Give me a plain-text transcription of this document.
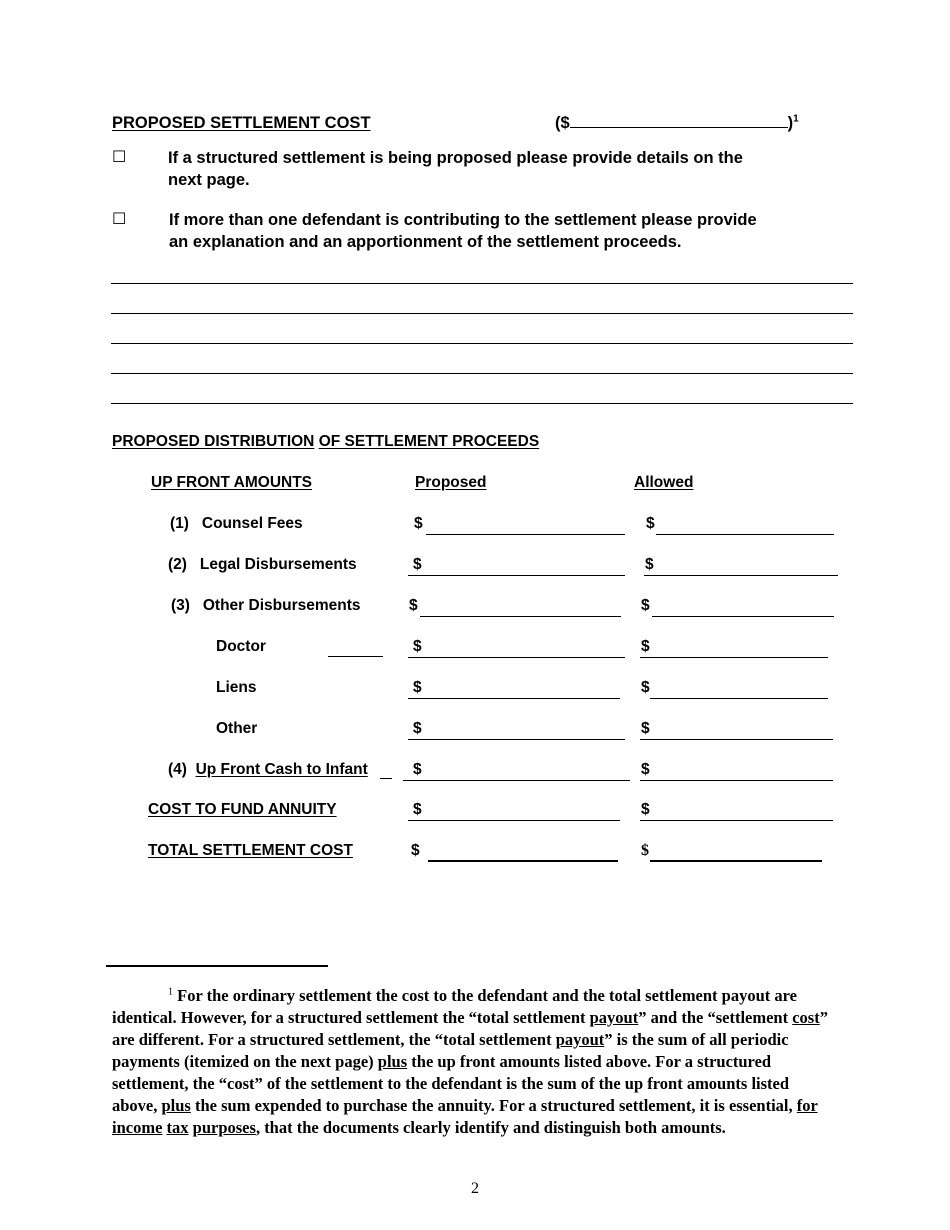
PROPOSED SETTLEMENT COST	($	)$^1$
☐	If a structured settlement is being proposed please provide details on the
next page.
☐	If more than one defendant is contributing to the settlement please provide
an explanation and an apportionment of the settlement proceeds.
PROPOSED DISTRIBUTION OF SETTLEMENT PROCEEDS
UP FRONT AMOUNTS	Proposed	Allowed
(1) Counsel Fees	$	$
(2) Legal Disbursements	$	$
(3) Other Disbursements	$	$
Doctor	$	$
Liens	$	$
Other	$	$
(4) Up Front Cash to Infant	$	$
COST TO FUND ANNUITY	$	$
TOTAL SETTLEMENT COST	$	$
$^1$ For the ordinary settlement the cost to the defendant and the total settlement payout are identical. However, for a structured settlement the “total settlement payout” and the “settlement cost” are different. For a structured settlement, the “total settlement payout” is the sum of all periodic payments (itemized on the next page) plus the up front amounts listed above. For a structured settlement, the “cost” of the settlement to the defendant is the sum of the up front amounts listed above, plus the sum expended to purchase the annuity. For a structured settlement, it is essential, for income tax purposes, that the documents clearly identify and distinguish both amounts.
2
